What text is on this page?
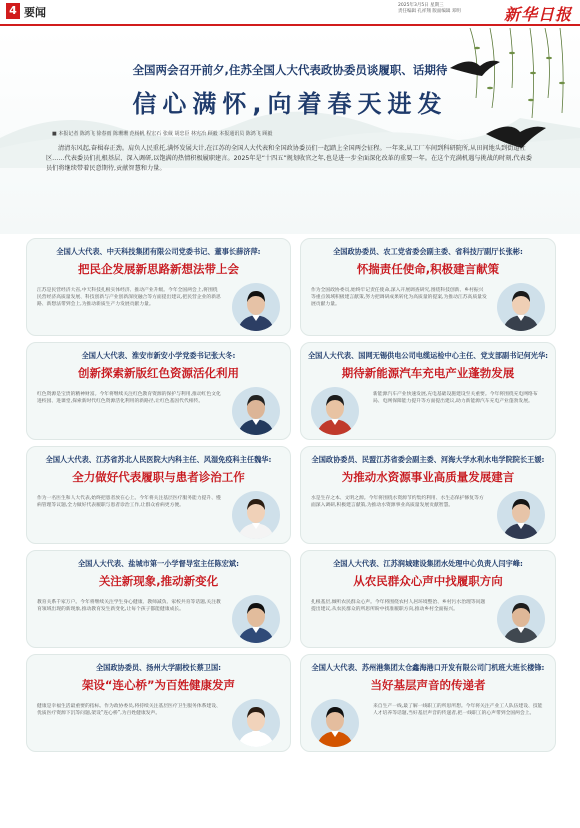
4 要闻
2025年3月5日 星期三
责任编辑 孔祥翔 版面编辑 邓明	新华日报
全国两会召开前夕,住苏全国人大代表政协委员谈履职、话期待
信心满怀,向着春天进发
■ 本报记者 陈鸿飞 徐春雨 陈珊珊 范杨帆 程宏石 张葳 胡忠臣 林宪冶 顾毅 本报通讯员 陈鸿飞 顾毅
清清东风起,奋楫春正劲。肩负人民重托,满怀发展大计,在江苏的全国人大代表和全国政协委员们一起踏上全国两会征程。一年来,从工厂车间到科研院所,从田间地头到街道社区……代表委员们扎根基层、深入调研,以饱满的热情积极履职建言。2025年是“十四五”规划收官之年,也是进一步全面深化改革的重要一年。在这个充满机遇与挑战的时刻,代表委员们将继续带着民意期待,贡献智慧和力量。
全国人大代表、中天科技集团有限公司党委书记、董事长薛济萍:
把民企发展新思路新想法带上会
江苏是民营经济大省,中天科技扎根实体经济、推动产业升级。今年全国两会上,将围绕民营经济高质量发展、科技创新与产业创新深度融合等方面提出建议,把民营企业的新思路、新想法带到会上,为推动新质生产力发展贡献力量。
全国政协委员、农工党省委会副主委、省科技厅副厅长张彬:
怀揣责任使命,积极建言献策
作为全国政协委员,始终牢记责任使命,深入开展调查研究,围绕科技创新、乡村振兴等重点领域积极建言献策,努力把调研成果转化为高质量的提案,为推动江苏高质量发展贡献力量。
全国人大代表、淮安市新安小学党委书记张大冬:
创新探索新版红色资源活化利用
红色资源是宝贵的精神财富。今年将继续关注红色教育资源的保护与利用,推动红色文化进校园、进课堂,探索新时代红色资源活化利用的新路径,让红色基因代代相传。
全国人大代表、国网无锡供电公司电缆运检中心主任、党支部副书记何光华:
期待新能源汽车充电产业蓬勃发展
新能源汽车产业快速发展,充电基础设施建设至关重要。今年将围绕充电网络布局、电网保障能力提升等方面提出建议,助力新能源汽车充电产业蓬勃发展。
全国人大代表、江苏省苏北人民医院大内科主任、风湿免疫科主任魏华:
全力做好代表履职与患者诊治工作
作为一名医生和人大代表,始终把患者放在心上。今年将关注基层医疗服务能力提升、慢病管理等议题,全力做好代表履职与患者诊治工作,让群众看病更方便。
全国政协委员、民盟江苏省委会副主委、河海大学水利水电学院院长王媛:
为推动水资源事业高质量发展建言
水是生存之本、文明之源。今年将围绕水资源节约集约利用、水生态保护修复等方面深入调研,积极建言献策,为推动水资源事业高质量发展贡献智慧。
全国人大代表、盐城市第一小学督导室主任陈宏斌:
关注新现象,推动新变化
教育关系千家万户。今年将继续关注学生身心健康、教师减负、家校共育等话题,关注教育领域出现的新现象,推动教育发生新变化,让每个孩子都能健康成长。
全国人大代表、江苏润城建设集团水处理中心负责人闫宇峰:
从农民群众心声中找履职方向
扎根基层,倾听农民群众心声。今年将围绕农村人居环境整治、乡村污水治理等问题提出建议,从农民群众的所思所盼中找准履职方向,推动乡村全面振兴。
全国政协委员、扬州大学副校长蔡卫国:
架设“连心桥”为百姓健康发声
健康是幸福生活最重要的指标。作为政协委员,将持续关注基层医疗卫生服务体系建设、优质医疗资源下沉等问题,架设“连心桥”,为百姓健康发声。
全国人大代表、苏州港集团太仓鑫海港口开发有限公司门机班大班长楼锋:
当好基层声音的传递者
来自生产一线,最了解一线职工的所思所想。今年将关注产业工人队伍建设、技能人才培养等话题,当好基层声音的传递者,把一线职工的心声带到全国两会上。
